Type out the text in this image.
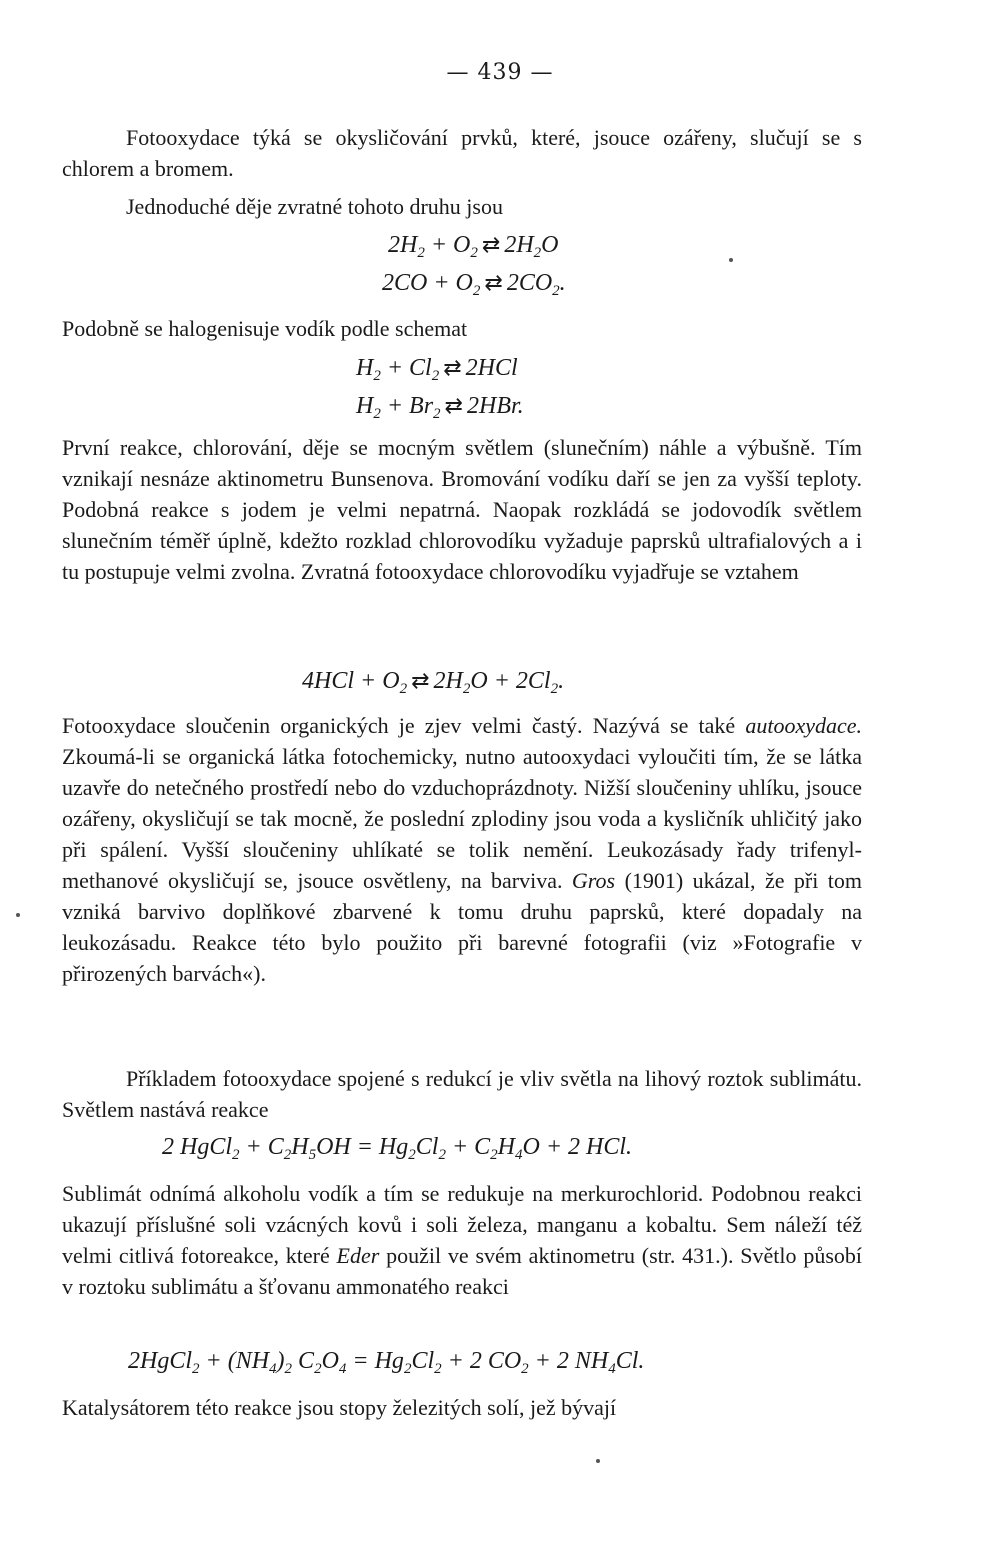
— 439 —
Fotooxydace týká se okysličování prvků, které, jsouce ozářeny, slučují se s chlorem a bromem.
Jednoduché děje zvratné tohoto druhu jsou
$2H_2 + O_2$ ⇄ $2H_2O$
$2CO + O_2$ ⇄ $2CO_2$.
Podobně se halogenisuje vodík podle schemat
$H_2 + Cl_2$ ⇄ 2HCl
$H_2 + Br_2$ ⇄ 2HBr.
První reakce, chlorování, děje se mocným světlem (slunečním) náhle a výbušně. Tím vznikají nesnáze aktinometru Bunsenova. Bromování vodíku daří se jen za vyšší teploty. Podobná reakce s jodem je velmi nepatrná. Naopak rozkládá se jodovodík světlem slunečním téměř úplně, kdežto rozklad chlorovodíku vyžaduje paprsků ultrafialových a i tu postupuje velmi zvolna. Zvratná fotooxydace chlorovodíku vyjadřuje se vztahem
$4HCl + O_2$ ⇄ $2H_2O + 2Cl_2$.
Fotooxydace sloučenin organických je zjev velmi častý. Nazývá se také autooxydace. Zkoumá-li se organická látka fotochemicky, nutno autooxydaci vyloučiti tím, že se látka uzavře do netečného prostředí nebo do vzduchoprázdnoty. Nižší sloučeniny uhlíku, jsouce ozářeny, okysličují se tak mocně, že poslední zplodiny jsou voda a kysličník uhličitý jako při spálení. Vyšší sloučeniny uhlíkaté se tolik nemění. Leukozásady řady trifenyl-methanové okysličují se, jsouce osvětleny, na barviva. Gros (1901) ukázal, že při tom vzniká barvivo doplňkové zbarvené k tomu druhu paprsků, které dopadaly na leukozásadu. Reakce této bylo použito při barevné fotografii (viz »Fotografie v přirozených barvách«).
Příkladem fotooxydace spojené s redukcí je vliv světla na lihový roztok sublimátu. Světlem nastává reakce
2 HgCl$_2$ + $C_2H_5OH = Hg_2Cl_2 + C_2H_4O + 2$ HCl.
Sublimát odnímá alkoholu vodík a tím se redukuje na merkurochlorid. Podobnou reakci ukazují příslušné soli vzácných kovů i soli železa, manganu a kobaltu. Sem náleží též velmi citlivá fotoreakce, které Eder použil ve svém aktinometru (str. 431.). Světlo působí v roztoku sublimátu a šťovanu ammonatého reakci
2HgCl$_2$ + $(NH_4)_2$ $C_2O_4 = Hg_2Cl_2 + 2$ $CO_2 + 2$ $NH_4Cl$.
Katalysátorem této reakce jsou stopy železitých solí, jež bývají
